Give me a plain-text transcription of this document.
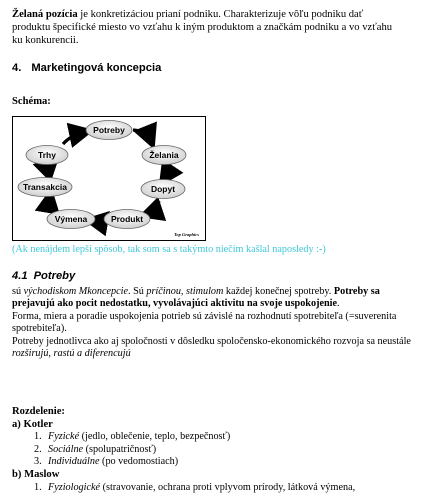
Želaná pozícia je konkretizáciou prianí podniku. Charakterizuje vôľu podniku dať
produktu špecifické miesto vo vzťahu k iným produktom a značkám podniku a vo vzťahu
ku konkurencii.

4. Marketingová koncepcia
Schéma:
Potreby
Želania
Dopyt
Produkt
Výmena
Transakcia
Trhy
Top Graphics
(Ak nenájdem lepší spôsob, tak som sa s takýmto niečím kašlal naposledy :-)
4.1 Potreby

sú východiskom Mkoncepcie. Sú príčinou, stimulom každej konečnej spotreby. Potreby sa prejavujú ako pocit nedostatku, vyvolávajúci aktivitu na svoje uspokojenie.

Forma, miera a poradie uspokojenia potrieb sú závislé na rozhodnutí spotrebiteľa (=suverenita spotrebiteľa).

Potreby jednotlivca ako aj spoločnosti v dôsledku spoločensko-ekonomického rozvoja sa neustále rozširujú, rastú a diferencujú

Rozdelenie:
a) Kotler
1. Fyzické (jedlo, oblečenie, teplo, bezpečnosť)
2. Sociálne (spolupatričnosť)
3. Individuálne (po vedomostiach)
b) Maslow
1. Fyziologické (stravovanie, ochrana proti vplyvom prírody, látková výmena,
